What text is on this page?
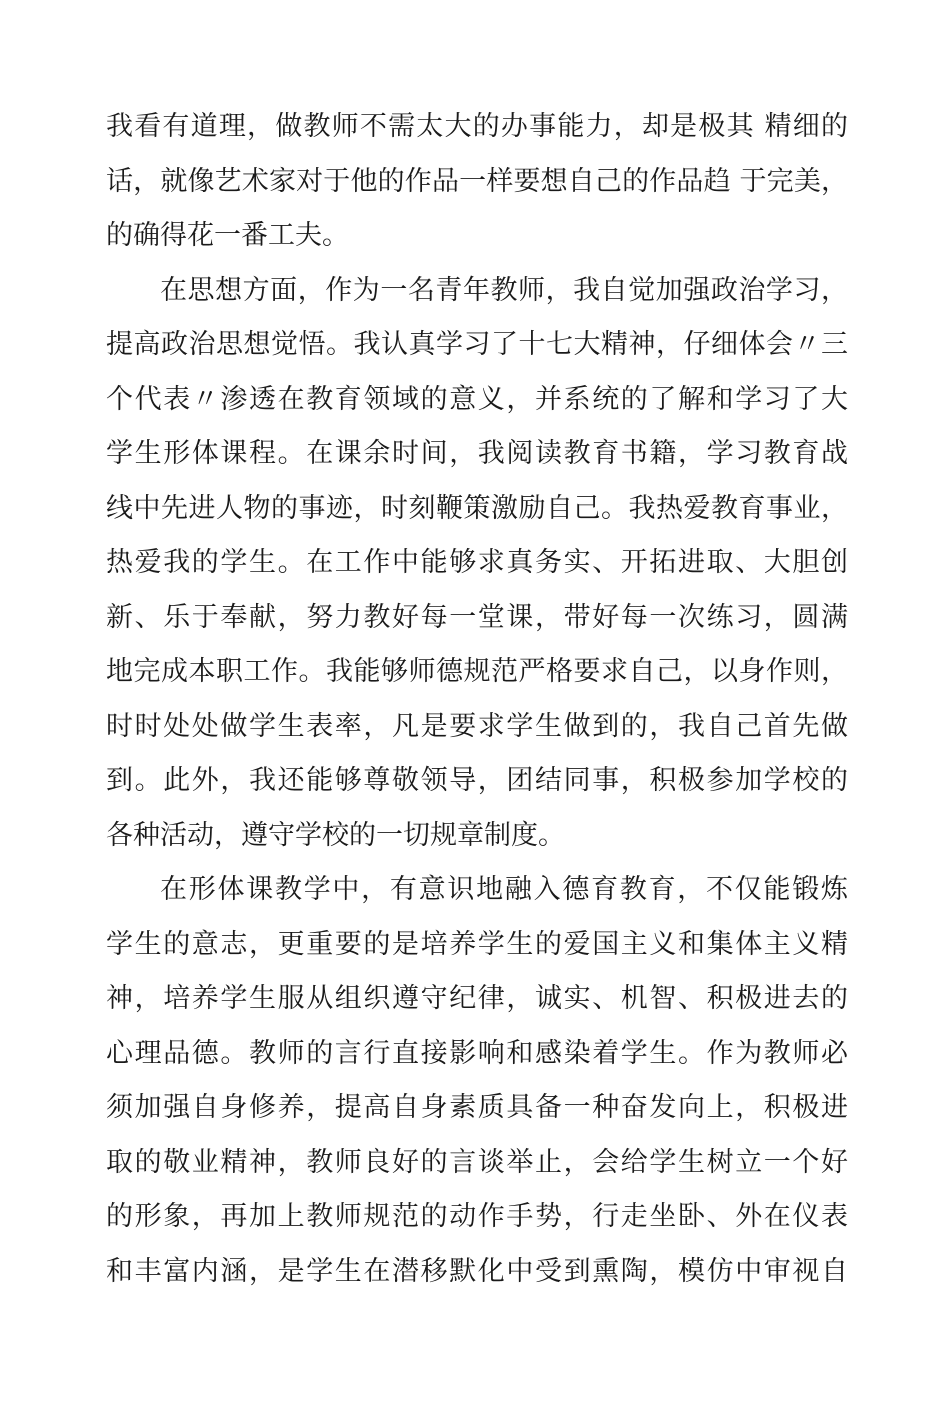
我看有道理，做教师不需太大的办事能力，却是极其 精细的
话，就像艺术家对于他的作品一样要想自己的作品趋 于完美，
的确得花一番工夫。
在思想方面，作为一名青年教师，我自觉加强政治学习，
提高政治思想觉悟。我认真学习了十七大精神，仔细体会〃三
个代表〃渗透在教育领域的意义，并系统的了解和学习了大
学生形体课程。在课余时间，我阅读教育书籍，学习教育战
线中先进人物的事迹，时刻鞭策激励自己。我热爱教育事业，
热爱我的学生。在工作中能够求真务实、开拓进取、大胆创
新、乐于奉献，努力教好每一堂课，带好每一次练习，圆满
地完成本职工作。我能够师德规范严格要求自己，以身作则，
时时处处做学生表率，凡是要求学生做到的，我自己首先做
到。此外，我还能够尊敬领导，团结同事，积极参加学校的
各种活动，遵守学校的一切规章制度。
在形体课教学中，有意识地融入德育教育，不仅能锻炼
学生的意志，更重要的是培养学生的爱国主义和集体主义精
神，培养学生服从组织遵守纪律，诚实、机智、积极进去的
心理品德。教师的言行直接影响和感染着学生。作为教师必
须加强自身修养，提高自身素质具备一种奋发向上，积极进
取的敬业精神，教师良好的言谈举止，会给学生树立一个好
的形象，再加上教师规范的动作手势，行走坐卧、外在仪表
和丰富内涵，是学生在潜移默化中受到熏陶，模仿中审视自
